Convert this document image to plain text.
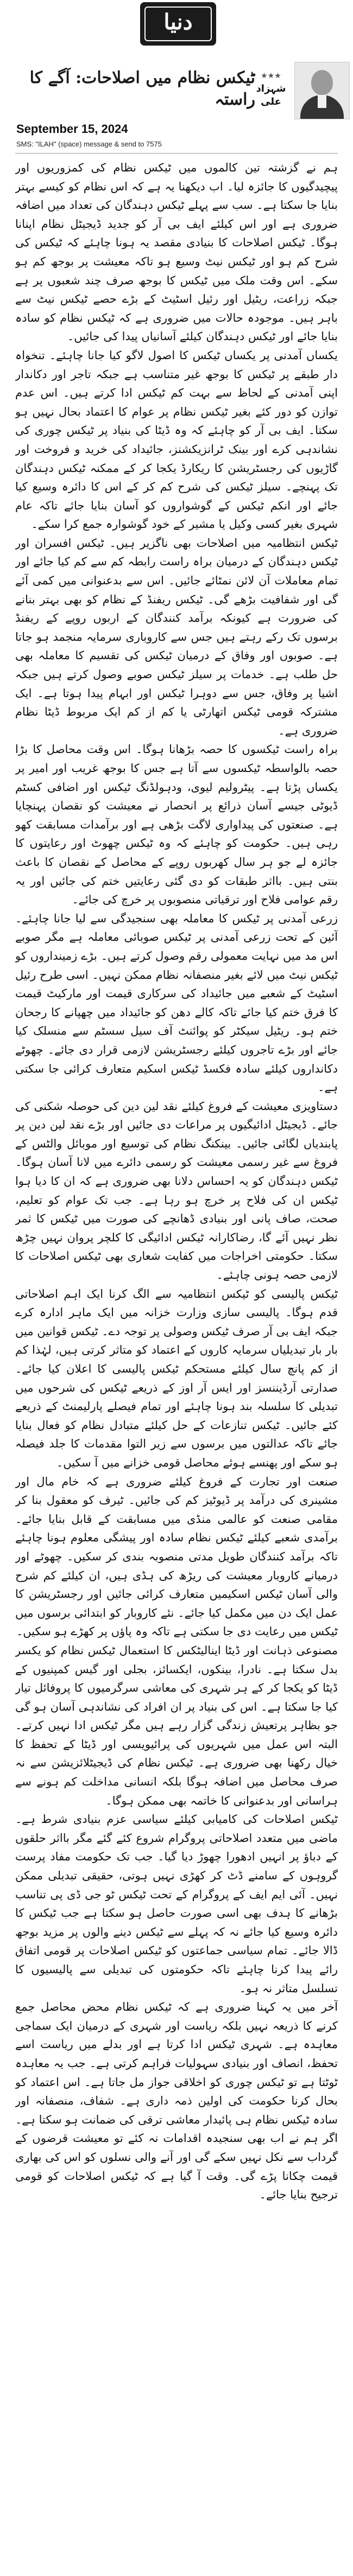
دنیا
ٹیکس نظام میں اصلاحات: آگے کا راستہ
★★★
شہزاد علی
September 15, 2024
SMS: "ILAH" (space) message & send to 7575

ہم نے گزشتہ تین کالموں میں ٹیکس نظام کی کمزوریوں اور پیچیدگیوں کا جائزہ لیا۔ اب دیکھنا یہ ہے کہ اس نظام کو کیسے بہتر بنایا جا سکتا ہے۔ سب سے پہلے ٹیکس دہندگان کی تعداد میں اضافہ ضروری ہے اور اس کیلئے ایف بی آر کو جدید ڈیجیٹل نظام اپنانا ہوگا۔ ٹیکس اصلاحات کا بنیادی مقصد یہ ہونا چاہئے کہ ٹیکس کی شرح کم ہو اور ٹیکس نیٹ وسیع ہو تاکہ معیشت پر بوجھ کم ہو سکے۔ اس وقت ملک میں ٹیکس کا بوجھ صرف چند شعبوں پر ہے جبکہ زراعت، ریٹیل اور رئیل اسٹیٹ کے بڑے حصے ٹیکس نیٹ سے باہر ہیں۔ موجودہ حالات میں ضروری ہے کہ ٹیکس نظام کو سادہ بنایا جائے اور ٹیکس دہندگان کیلئے آسانیاں پیدا کی جائیں۔

یکساں آمدنی پر یکساں ٹیکس کا اصول لاگو کیا جانا چاہئے۔ تنخواہ دار طبقے پر ٹیکس کا بوجھ غیر متناسب ہے جبکہ تاجر اور دکاندار اپنی آمدنی کے لحاظ سے بہت کم ٹیکس ادا کرتے ہیں۔ اس عدم توازن کو دور کئے بغیر ٹیکس نظام پر عوام کا اعتماد بحال نہیں ہو سکتا۔ ایف بی آر کو چاہئے کہ وہ ڈیٹا کی بنیاد پر ٹیکس چوری کی نشاندہی کرے اور بینک ٹرانزیکشنز، جائیداد کی خرید و فروخت اور گاڑیوں کی رجسٹریشن کا ریکارڈ یکجا کر کے ممکنہ ٹیکس دہندگان تک پہنچے۔ سیلز ٹیکس کی شرح کم کر کے اس کا دائرہ وسیع کیا جائے اور انکم ٹیکس کے گوشواروں کو آسان بنایا جائے تاکہ عام شہری بغیر کسی وکیل یا مشیر کے خود گوشوارہ جمع کرا سکے۔

ٹیکس انتظامیہ میں اصلاحات بھی ناگزیر ہیں۔ ٹیکس افسران اور ٹیکس دہندگان کے درمیان براہ راست رابطہ کم سے کم کیا جائے اور تمام معاملات آن لائن نمٹائے جائیں۔ اس سے بدعنوانی میں کمی آئے گی اور شفافیت بڑھے گی۔ ٹیکس ریفنڈ کے نظام کو بھی بہتر بنانے کی ضرورت ہے کیونکہ برآمد کنندگان کے اربوں روپے کے ریفنڈ برسوں تک رکے رہتے ہیں جس سے کاروباری سرمایہ منجمد ہو جاتا ہے۔ صوبوں اور وفاق کے درمیان ٹیکس کی تقسیم کا معاملہ بھی حل طلب ہے۔ خدمات پر سیلز ٹیکس صوبے وصول کرتے ہیں جبکہ اشیا پر وفاق، جس سے دوہرا ٹیکس اور ابہام پیدا ہوتا ہے۔ ایک مشترکہ قومی ٹیکس اتھارٹی یا کم از کم ایک مربوط ڈیٹا نظام ضروری ہے۔

براہ راست ٹیکسوں کا حصہ بڑھانا ہوگا۔ اس وقت محاصل کا بڑا حصہ بالواسطہ ٹیکسوں سے آتا ہے جس کا بوجھ غریب اور امیر پر یکساں پڑتا ہے۔ پیٹرولیم لیوی، ودہولڈنگ ٹیکس اور اضافی کسٹم ڈیوٹی جیسے آسان ذرائع پر انحصار نے معیشت کو نقصان پہنچایا ہے۔ صنعتوں کی پیداواری لاگت بڑھی ہے اور برآمدات مسابقت کھو رہی ہیں۔ حکومت کو چاہئے کہ وہ ٹیکس چھوٹ اور رعایتوں کا جائزہ لے جو ہر سال کھربوں روپے کے محاصل کے نقصان کا باعث بنتی ہیں۔ بااثر طبقات کو دی گئی رعایتیں ختم کی جائیں اور یہ رقم عوامی فلاح اور ترقیاتی منصوبوں پر خرچ کی جائے۔

زرعی آمدنی پر ٹیکس کا معاملہ بھی سنجیدگی سے لیا جانا چاہئے۔ آئین کے تحت زرعی آمدنی پر ٹیکس صوبائی معاملہ ہے مگر صوبے اس مد میں نہایت معمولی رقم وصول کرتے ہیں۔ بڑے زمینداروں کو ٹیکس نیٹ میں لائے بغیر منصفانہ نظام ممکن نہیں۔ اسی طرح رئیل اسٹیٹ کے شعبے میں جائیداد کی سرکاری قیمت اور مارکیٹ قیمت کا فرق ختم کیا جائے تاکہ کالے دھن کو جائیداد میں چھپانے کا رجحان ختم ہو۔ ریٹیل سیکٹر کو پوائنٹ آف سیل سسٹم سے منسلک کیا جائے اور بڑے تاجروں کیلئے رجسٹریشن لازمی قرار دی جائے۔ چھوٹے دکانداروں کیلئے سادہ فکسڈ ٹیکس اسکیم متعارف کرائی جا سکتی ہے۔

دستاویزی معیشت کے فروغ کیلئے نقد لین دین کی حوصلہ شکنی کی جائے۔ ڈیجیٹل ادائیگیوں پر مراعات دی جائیں اور بڑے نقد لین دین پر پابندیاں لگائی جائیں۔ بینکنگ نظام کی توسیع اور موبائل والٹس کے فروغ سے غیر رسمی معیشت کو رسمی دائرے میں لانا آسان ہوگا۔ ٹیکس دہندگان کو یہ احساس دلانا بھی ضروری ہے کہ ان کا دیا ہوا ٹیکس ان کی فلاح پر خرچ ہو رہا ہے۔ جب تک عوام کو تعلیم، صحت، صاف پانی اور بنیادی ڈھانچے کی صورت میں ٹیکس کا ثمر نظر نہیں آئے گا، رضاکارانہ ٹیکس ادائیگی کا کلچر پروان نہیں چڑھ سکتا۔ حکومتی اخراجات میں کفایت شعاری بھی ٹیکس اصلاحات کا لازمی حصہ ہونی چاہئے۔

ٹیکس پالیسی کو ٹیکس انتظامیہ سے الگ کرنا ایک اہم اصلاحاتی قدم ہوگا۔ پالیسی سازی وزارت خزانہ میں ایک ماہر ادارہ کرے جبکہ ایف بی آر صرف ٹیکس وصولی پر توجہ دے۔ ٹیکس قوانین میں بار بار تبدیلیاں سرمایہ کاروں کے اعتماد کو متاثر کرتی ہیں، لہٰذا کم از کم پانچ سال کیلئے مستحکم ٹیکس پالیسی کا اعلان کیا جائے۔ صدارتی آرڈیننسز اور ایس آر اوز کے ذریعے ٹیکس کی شرحوں میں تبدیلی کا سلسلہ بند ہونا چاہئے اور تمام فیصلے پارلیمنٹ کے ذریعے کئے جائیں۔ ٹیکس تنازعات کے حل کیلئے متبادل نظام کو فعال بنایا جائے تاکہ عدالتوں میں برسوں سے زیر التوا مقدمات کا جلد فیصلہ ہو سکے اور پھنسے ہوئے محاصل قومی خزانے میں آ سکیں۔

صنعت اور تجارت کے فروغ کیلئے ضروری ہے کہ خام مال اور مشینری کی درآمد پر ڈیوٹیز کم کی جائیں۔ ٹیرف کو معقول بنا کر مقامی صنعت کو عالمی منڈی میں مسابقت کے قابل بنایا جائے۔ برآمدی شعبے کیلئے ٹیکس نظام سادہ اور پیشگی معلوم ہونا چاہئے تاکہ برآمد کنندگان طویل مدتی منصوبہ بندی کر سکیں۔ چھوٹے اور درمیانے کاروبار معیشت کی ریڑھ کی ہڈی ہیں، ان کیلئے کم شرح والی آسان ٹیکس اسکیمیں متعارف کرائی جائیں اور رجسٹریشن کا عمل ایک دن میں مکمل کیا جائے۔ نئے کاروبار کو ابتدائی برسوں میں ٹیکس میں رعایت دی جا سکتی ہے تاکہ وہ پاؤں پر کھڑے ہو سکیں۔

مصنوعی ذہانت اور ڈیٹا اینالیٹکس کا استعمال ٹیکس نظام کو یکسر بدل سکتا ہے۔ نادرا، بینکوں، ایکسائز، بجلی اور گیس کمپنیوں کے ڈیٹا کو یکجا کر کے ہر شہری کی معاشی سرگرمیوں کا پروفائل تیار کیا جا سکتا ہے۔ اس کی بنیاد پر ان افراد کی نشاندہی آسان ہو گی جو بظاہر پرتعیش زندگی گزار رہے ہیں مگر ٹیکس ادا نہیں کرتے۔ البتہ اس عمل میں شہریوں کی پرائیویسی اور ڈیٹا کے تحفظ کا خیال رکھنا بھی ضروری ہے۔ ٹیکس نظام کی ڈیجیٹلائزیشن سے نہ صرف محاصل میں اضافہ ہوگا بلکہ انسانی مداخلت کم ہونے سے ہراسانی اور بدعنوانی کا خاتمہ بھی ممکن ہوگا۔

ٹیکس اصلاحات کی کامیابی کیلئے سیاسی عزم بنیادی شرط ہے۔ ماضی میں متعدد اصلاحاتی پروگرام شروع کئے گئے مگر بااثر حلقوں کے دباؤ پر انہیں ادھورا چھوڑ دیا گیا۔ جب تک حکومت مفاد پرست گروہوں کے سامنے ڈٹ کر کھڑی نہیں ہوتی، حقیقی تبدیلی ممکن نہیں۔ آئی ایم ایف کے پروگرام کے تحت ٹیکس ٹو جی ڈی پی تناسب بڑھانے کا ہدف بھی اسی صورت حاصل ہو سکتا ہے جب ٹیکس کا دائرہ وسیع کیا جائے نہ کہ پہلے سے ٹیکس دینے والوں پر مزید بوجھ ڈالا جائے۔ تمام سیاسی جماعتوں کو ٹیکس اصلاحات پر قومی اتفاق رائے پیدا کرنا چاہئے تاکہ حکومتوں کی تبدیلی سے پالیسیوں کا تسلسل متاثر نہ ہو۔

آخر میں یہ کہنا ضروری ہے کہ ٹیکس نظام محض محاصل جمع کرنے کا ذریعہ نہیں بلکہ ریاست اور شہری کے درمیان ایک سماجی معاہدہ ہے۔ شہری ٹیکس ادا کرتا ہے اور بدلے میں ریاست اسے تحفظ، انصاف اور بنیادی سہولیات فراہم کرتی ہے۔ جب یہ معاہدہ ٹوٹتا ہے تو ٹیکس چوری کو اخلاقی جواز مل جاتا ہے۔ اس اعتماد کو بحال کرنا حکومت کی اولین ذمہ داری ہے۔ شفاف، منصفانہ اور سادہ ٹیکس نظام ہی پائیدار معاشی ترقی کی ضمانت ہو سکتا ہے۔ اگر ہم نے اب بھی سنجیدہ اقدامات نہ کئے تو معیشت قرضوں کے گرداب سے نکل نہیں سکے گی اور آنے والی نسلوں کو اس کی بھاری قیمت چکانا پڑے گی۔ وقت آ گیا ہے کہ ٹیکس اصلاحات کو قومی ترجیح بنایا جائے۔
